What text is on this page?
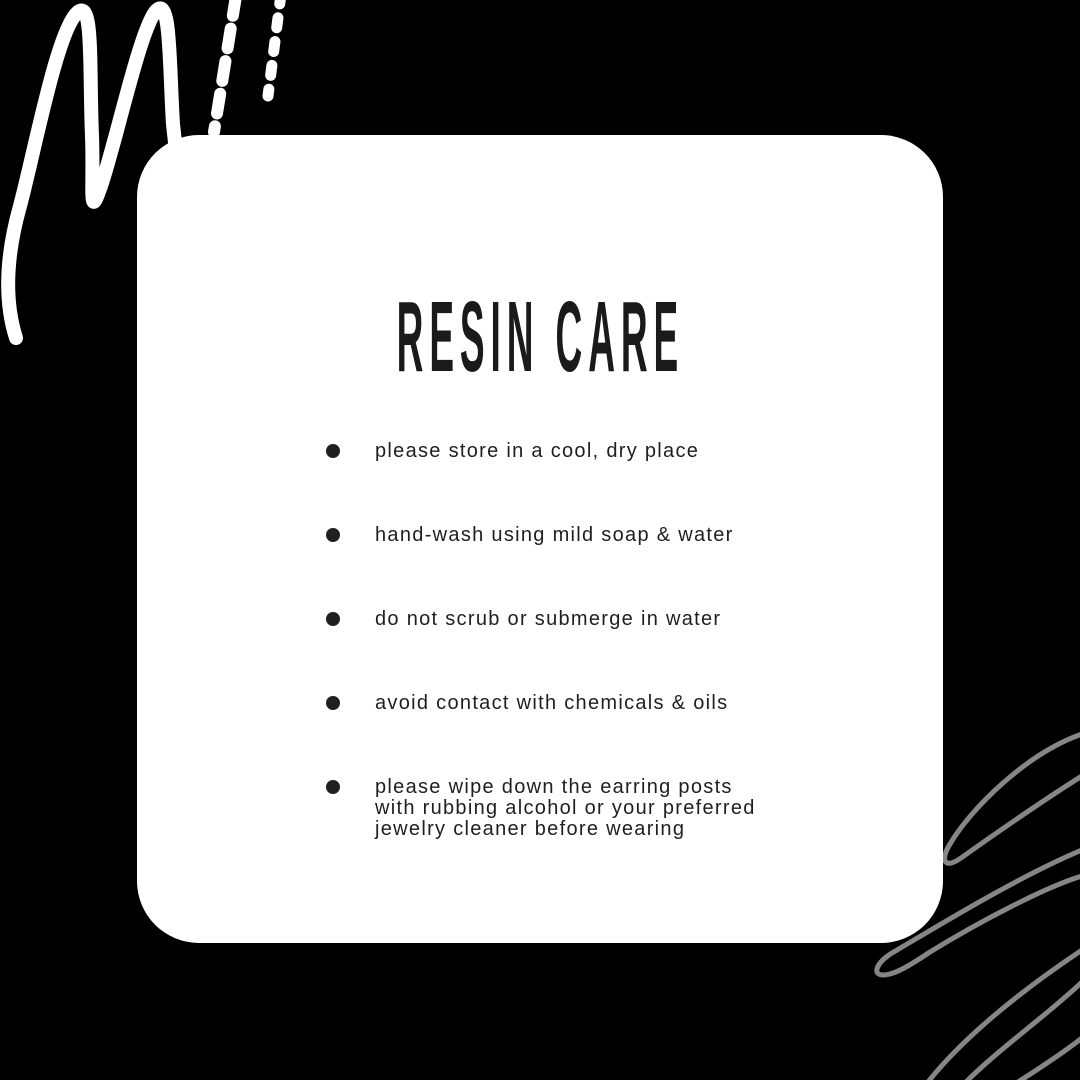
RESIN CARE
please store in a cool, dry place
hand-wash using mild soap & water
do not scrub or submerge in water
avoid contact with chemicals & oils
please wipe down the earring posts
with rubbing alcohol or your preferred
jewelry cleaner before wearing
